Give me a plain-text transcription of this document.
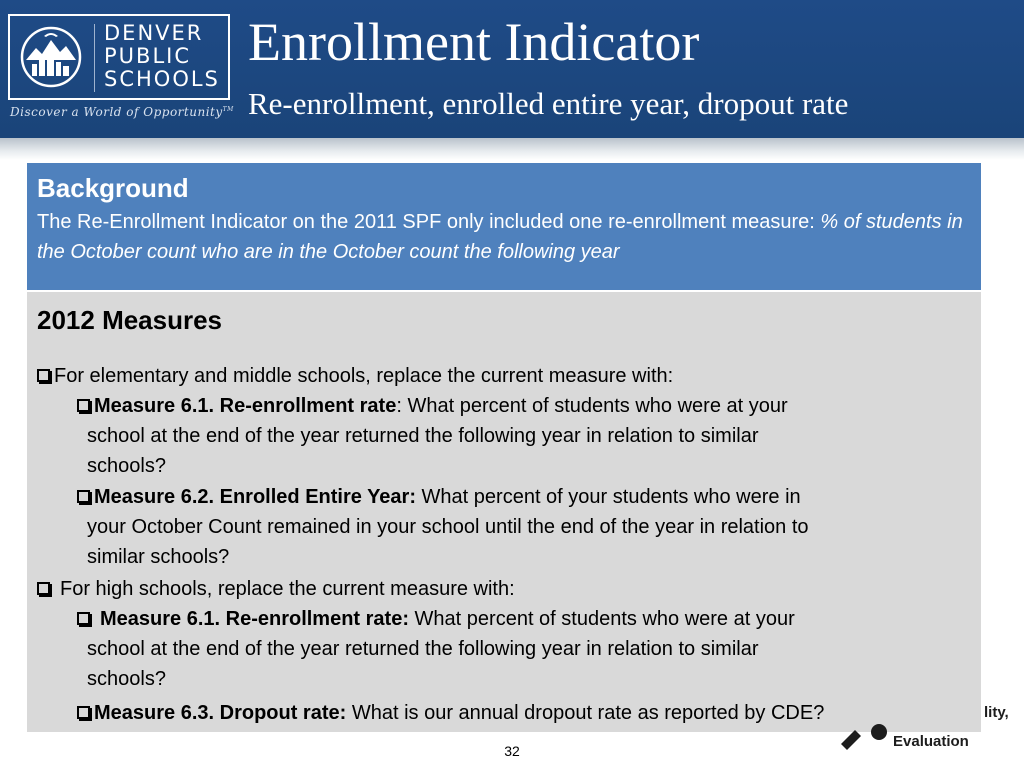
DENVER
PUBLIC
SCHOOLS
Discover a World of Opportunity™
Enrollment Indicator
Re-enrollment, enrolled entire year, dropout rate
Background
The Re-Enrollment Indicator on the 2011 SPF only included one re-enrollment measure: % of students in the October count who are in the October count the following year
2012 Measures
For elementary and middle schools, replace the current measure with:
Measure 6.1. Re-enrollment rate: What percent of students who were at your
school at the end of the year returned the following year in relation to similar
schools?
Measure 6.2. Enrolled Entire Year: What percent of your students who were in
your October Count remained in your school until the end of the year in relation to
similar schools?
For high schools, replace the current measure with:
Measure 6.1. Re-enrollment rate: What percent of students who were at your
school at the end of the year returned the following year in relation to similar
schools?
Measure 6.3. Dropout rate: What is our annual dropout rate as reported by CDE?	lity,
Evaluation
32
